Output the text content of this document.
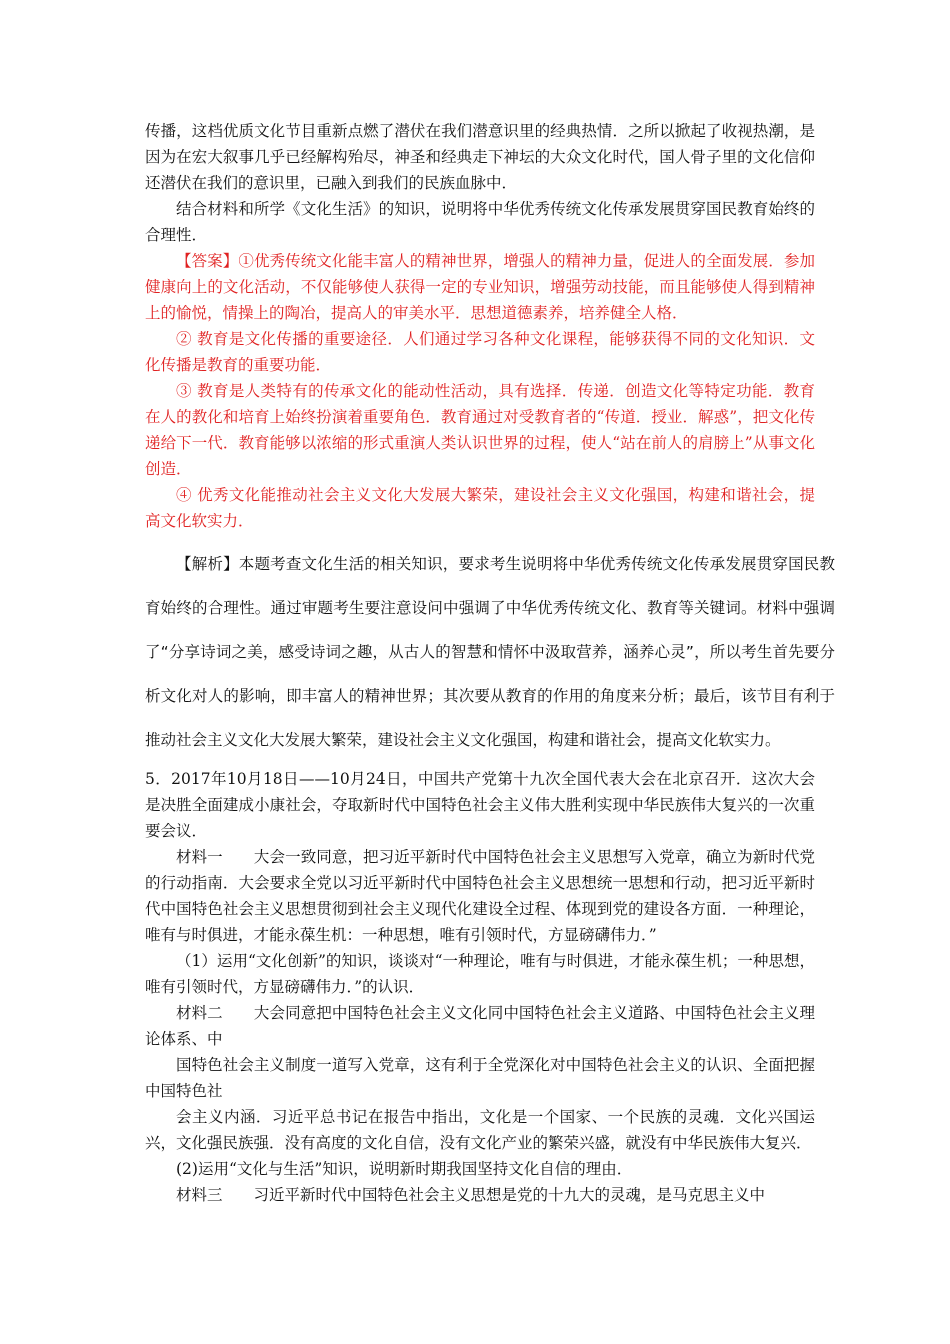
传播，这档优质文化节目重新点燃了潜伏在我们潜意识里的经典热情．之所以掀起了收视热潮，是因为在宏大叙事几乎已经解构殆尽，神圣和经典走下神坛的大众文化时代，国人骨子里的文化信仰还潜伏在我们的意识里，已融入到我们的民族血脉中．

结合材料和所学《文化生活》的知识，说明将中华优秀传统文化传承发展贯穿国民教育始终的合理性．

【答案】①优秀传统文化能丰富人的精神世界，增强人的精神力量，促进人的全面发展．参加健康向上的文化活动，不仅能够使人获得一定的专业知识，增强劳动技能，而且能够使人得到精神上的愉悦，情操上的陶冶，提高人的审美水平．思想道德素养，培养健全人格．

② 教育是文化传播的重要途径．人们通过学习各种文化课程，能够获得不同的文化知识．文化传播是教育的重要功能．

③ 教育是人类特有的传承文化的能动性活动，具有选择．传递．创造文化等特定功能．教育在人的教化和培育上始终扮演着重要角色．教育通过对受教育者的“传道．授业．解惑”，把文化传递给下一代．教育能够以浓缩的形式重演人类认识世界的过程，使人“站在前人的肩膀上”从事文化创造．

④ 优秀文化能推动社会主义文化大发展大繁荣，建设社会主义文化强国，构建和谐社会，提高文化软实力．

【解析】本题考查文化生活的相关知识，要求考生说明将中华优秀传统文化传承发展贯穿国民教育始终的合理性。通过审题考生要注意设问中强调了中华优秀传统文化、教育等关键词。材料中强调了“分享诗词之美，感受诗词之趣，从古人的智慧和情怀中汲取营养，涵养心灵”，所以考生首先要分析文化对人的影响，即丰富人的精神世界；其次要从教育的作用的角度来分析；最后，该节目有利于推动社会主义文化大发展大繁荣，建设社会主义文化强国，构建和谐社会，提高文化软实力。

5．2017年10月18日——10月24日，中国共产党第十九次全国代表大会在北京召开．这次大会是决胜全面建成小康社会，夺取新时代中国特色社会主义伟大胜利实现中华民族伟大复兴的一次重要会议．

材料一　　大会一致同意，把习近平新时代中国特色社会主义思想写入党章，确立为新时代党的行动指南．大会要求全党以习近平新时代中国特色社会主义思想统一思想和行动，把习近平新时代中国特色社会主义思想贯彻到社会主义现代化建设全过程、体现到党的建设各方面．一种理论，唯有与时俱进，才能永葆生机：一种思想，唯有引领时代，方显磅礴伟力．”

（1）运用“文化创新”的知识，谈谈对“一种理论，唯有与时俱进，才能永葆生机；一种思想，唯有引领时代，方显磅礴伟力．”的认识．

材料二　　大会同意把中国特色社会主义文化同中国特色社会主义道路、中国特色社会主义理论体系、中

国特色社会主义制度一道写入党章，这有利于全党深化对中国特色社会主义的认识、全面把握中国特色社

会主义内涵．习近平总书记在报告中指出，文化是一个国家、一个民族的灵魂．文化兴国运兴，文化强民族强．没有高度的文化自信，没有文化产业的繁荣兴盛，就没有中华民族伟大复兴．

(2)运用“文化与生活”知识，说明新时期我国坚持文化自信的理由．

材料三　　习近平新时代中国特色社会主义思想是党的十九大的灵魂，是马克思主义中
